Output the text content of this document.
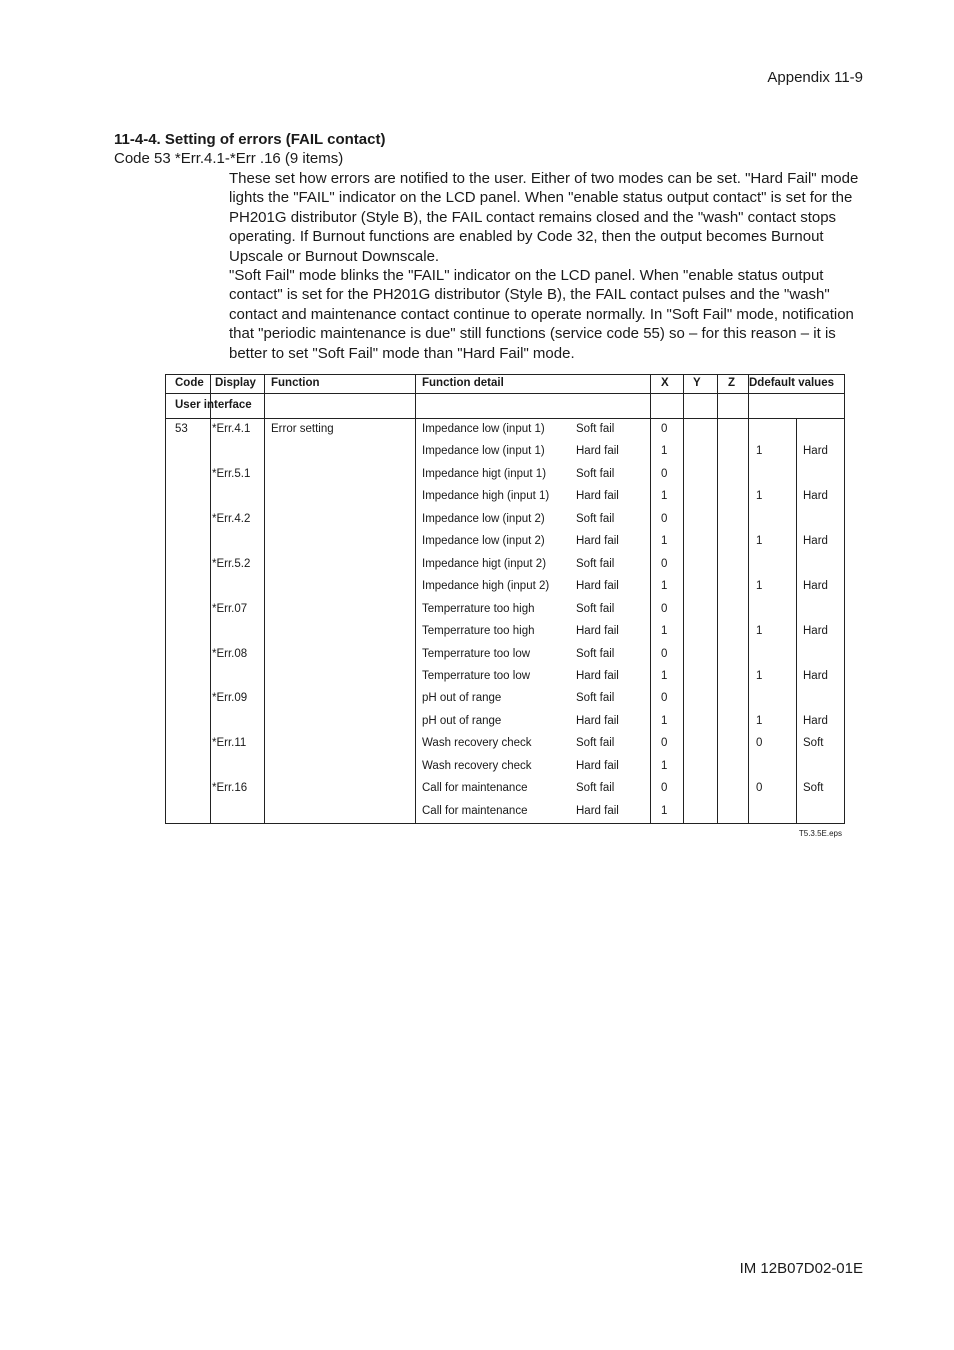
Appendix 11-9
11-4-4. Setting of errors (FAIL contact)
Code 53 *Err.4.1-*Err .16 (9 items)

These set how errors are notified to the user. Either of two modes can be set. "Hard Fail" mode lights the "FAIL" indicator on the LCD panel. When "enable status output contact" is set for the PH201G distributor (Style B), the FAIL contact remains closed and the "wash" contact stops operating. If Burnout functions are enabled by Code 32, then the output becomes Burnout Upscale or Burnout Downscale.

"Soft Fail" mode blinks the "FAIL" indicator on the LCD panel. When "enable status output contact" is set for the PH201G distributor (Style B), the FAIL contact pulses and the "wash" contact and maintenance contact continue to operate normally. In "Soft Fail" mode, notification that "periodic maintenance is due" still functions (service code 55) so – for this reason – it is better to set "Soft Fail" mode than "Hard Fail" mode.

Code Display Function	Function detail	X Y Z Ddefault values
User interface
53	Error setting
*Err.4.1	Impedance low (input 1)	Soft fail	0
Impedance low (input 1)	Hard fail	1	1	Hard
*Err.5.1	Impedance higt (input 1)	Soft fail	0
Impedance high (input 1) Hard fail	1	1	Hard
*Err.4.2	Impedance low (input 2)	Soft fail	0
Impedance low (input 2)	Hard fail	1	1	Hard
*Err.5.2	Impedance higt (input 2)	Soft fail	0
Impedance high (input 2) Hard fail	1	1	Hard
*Err.07	Temperrature too high	Soft fail	0
Temperrature too high	Hard fail	1	1	Hard
*Err.08	Temperrature too low	Soft fail	0
Temperrature too low	Hard fail	1	1	Hard
*Err.09	pH out of range	Soft fail	0
pH out of range	Hard fail	1	1	Hard
*Err.11	Wash recovery check	Soft fail	0	0	Soft
Wash recovery check	Hard fail	1
*Err.16	Call for maintenance	Soft fail	0	0	Soft
Call for maintenance	Hard fail	1
T5.3.5E.eps
IM 12B07D02-01E
